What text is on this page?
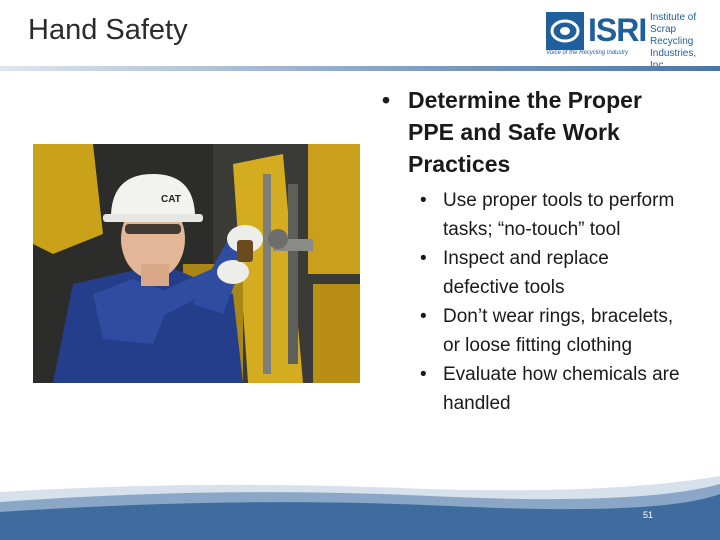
Hand Safety	ISRI Institute of
Scrap Recycling
Industries,
Voice of the Recycling Industry
CAT
• Determine the Proper PPE and Safe Work Practices
• Use proper tools to perform tasks; “no-touch” tool
• Inspect and replace defective tools
• Don’t wear rings, bracelets, or loose fitting clothing
• Evaluate how chemicals are handled
51
